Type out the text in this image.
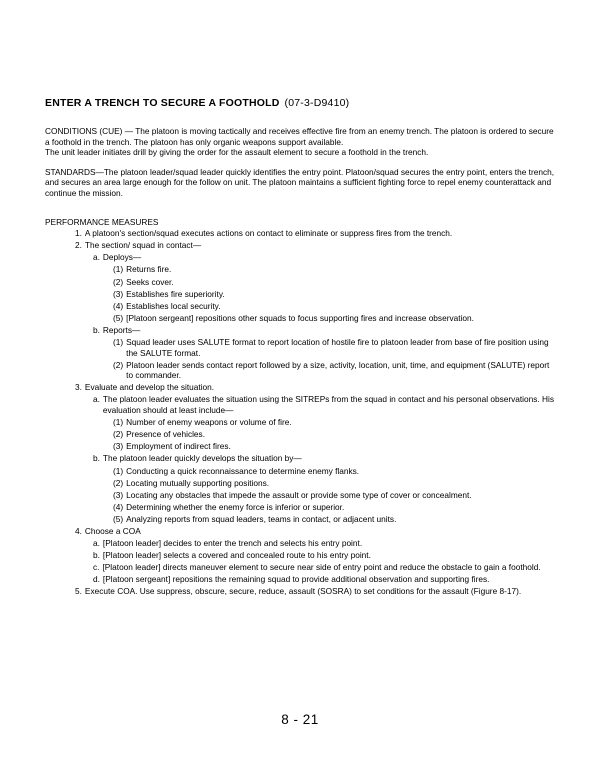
ENTER A TRENCH TO SECURE A FOOTHOLD (07-3-D9410)
CONDITIONS (CUE) — The platoon is moving tactically and receives effective fire from an enemy trench. The platoon is ordered to secure a foothold in the trench. The platoon has only organic weapons support available.
The unit leader initiates drill by giving the order for the assault element to secure a foothold in the trench.
STANDARDS—The platoon leader/squad leader quickly identifies the entry point. Platoon/squad secures the entry point, enters the trench, and secures an area large enough for the follow on unit. The platoon maintains a sufficient fighting force to repel enemy counterattack and continue the mission.
PERFORMANCE MEASURES
1. A platoon's section/squad executes actions on contact to eliminate or suppress fires from the trench.
2. The section/ squad in contact—
a. Deploys—
(1) Returns fire.
(2) Seeks cover.
(3) Establishes fire superiority.
(4) Establishes local security.
(5) [Platoon sergeant] repositions other squads to focus supporting fires and increase observation.
b. Reports—
(1) Squad leader uses SALUTE format to report location of hostile fire to platoon leader from base of fire position using the SALUTE format.
(2) Platoon leader sends contact report followed by a size, activity, location, unit, time, and equipment (SALUTE) report to commander.
3. Evaluate and develop the situation.
a. The platoon leader evaluates the situation using the SITREPs from the squad in contact and his personal observations. His evaluation should at least include—
(1) Number of enemy weapons or volume of fire.
(2) Presence of vehicles.
(3) Employment of indirect fires.
b. The platoon leader quickly develops the situation by—
(1) Conducting a quick reconnaissance to determine enemy flanks.
(2) Locating mutually supporting positions.
(3) Locating any obstacles that impede the assault or provide some type of cover or concealment.
(4) Determining whether the enemy force is inferior or superior.
(5) Analyzing reports from squad leaders, teams in contact, or adjacent units.
4. Choose a COA
a. [Platoon leader] decides to enter the trench and selects his entry point.
b. [Platoon leader] selects a covered and concealed route to his entry point.
c. [Platoon leader] directs maneuver element to secure near side of entry point and reduce the obstacle to gain a foothold.
d. [Platoon sergeant] repositions the remaining squad to provide additional observation and supporting fires.
5. Execute COA. Use suppress, obscure, secure, reduce, assault (SOSRA) to set conditions for the assault (Figure 8-17).
8 - 21
